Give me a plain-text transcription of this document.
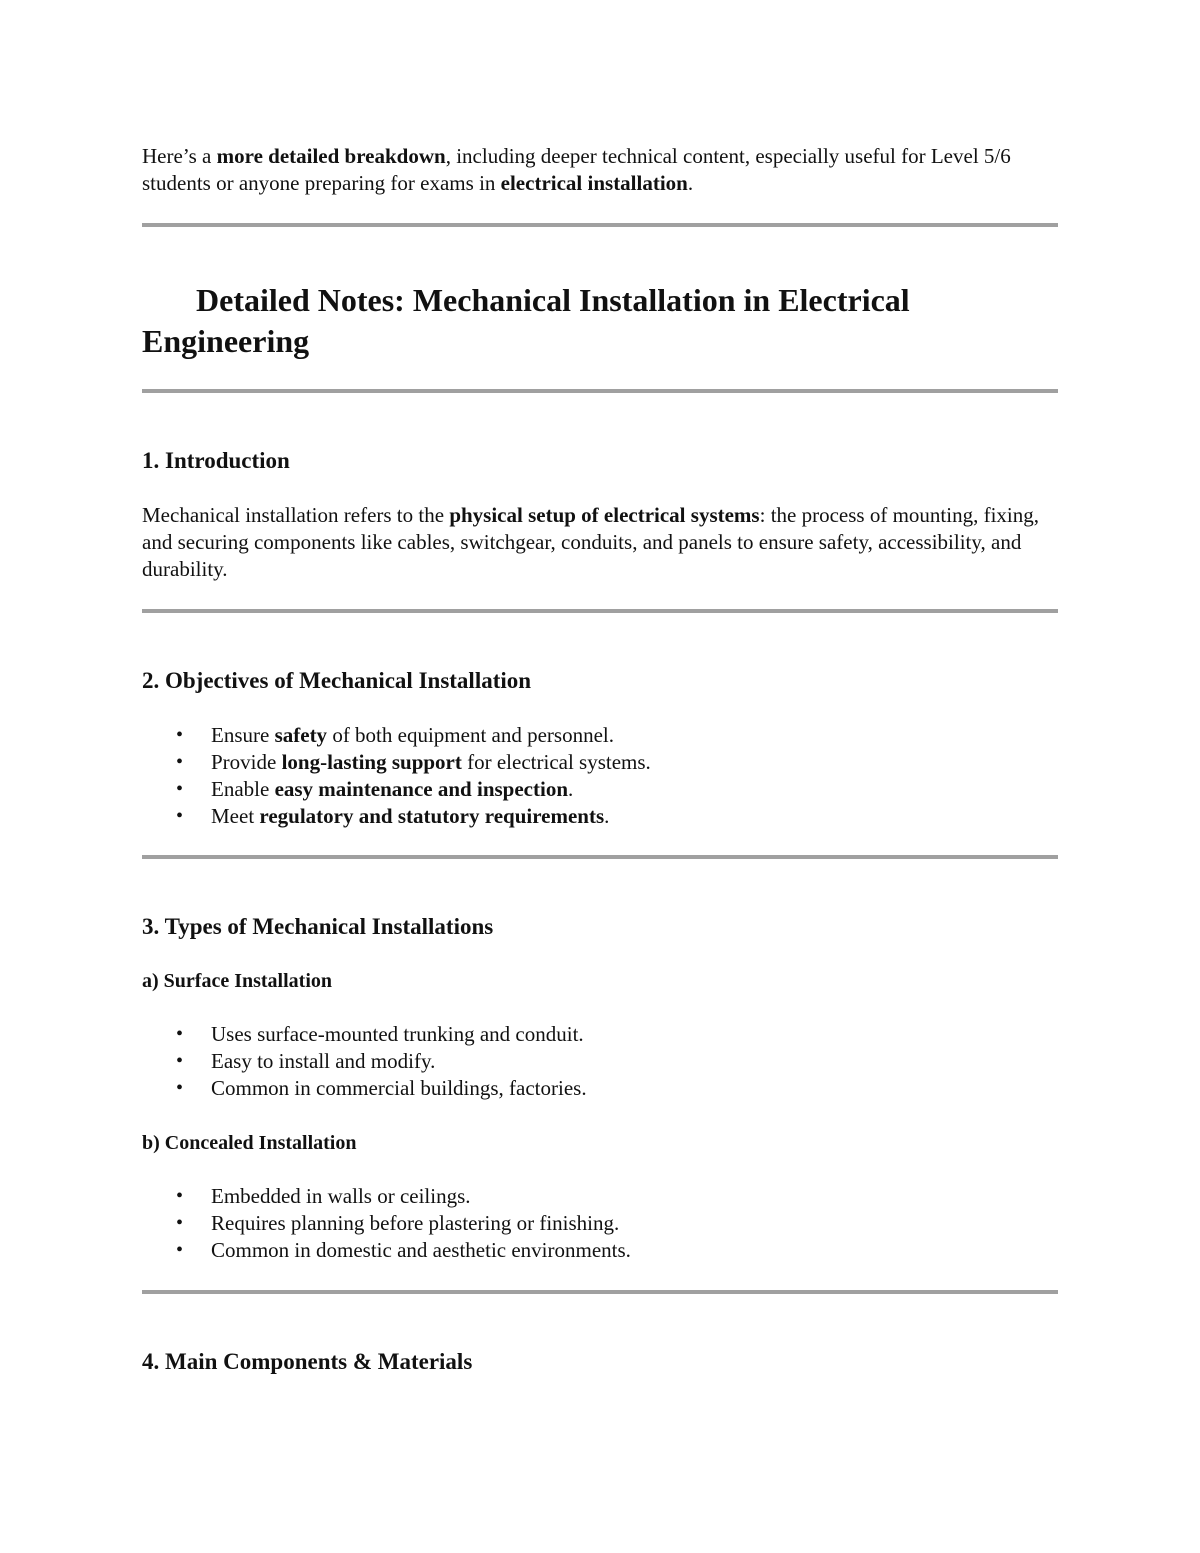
Here’s a more detailed breakdown, including deeper technical content, especially useful for Level 5/6 students or anyone preparing for exams in electrical installation.

Detailed Notes: Mechanical Installation in Electrical Engineering
1. Introduction

Mechanical installation refers to the physical setup of electrical systems: the process of mounting, fixing, and securing components like cables, switchgear, conduits, and panels to ensure safety, accessibility, and durability.

2. Objectives of Mechanical Installation
• Ensure safety of both equipment and personnel.
• Provide long-lasting support for electrical systems.
• Enable easy maintenance and inspection.
• Meet regulatory and statutory requirements.
3. Types of Mechanical Installations
a) Surface Installation
• Uses surface-mounted trunking and conduit.
• Easy to install and modify.
• Common in commercial buildings, factories.
b) Concealed Installation
• Embedded in walls or ceilings.
• Requires planning before plastering or finishing.
• Common in domestic and aesthetic environments.
4. Main Components & Materials
